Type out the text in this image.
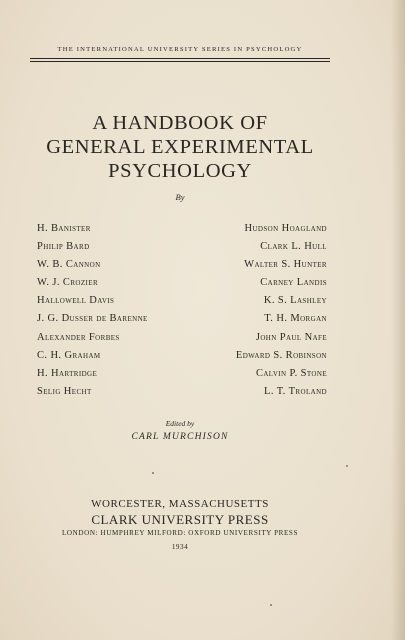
THE INTERNATIONAL UNIVERSITY SERIES IN PSYCHOLOGY
A HANDBOOK OF
GENERAL EXPERIMENTAL
PSYCHOLOGY
By
H. Banister
Philip Bard
W. B. Cannon
W. J. Crozier
Hallowell Davis
J. G. Dusser de Barenne
Alexander Forbes
C. H. Graham
H. Hartridge
Selig Hecht
Hudson Hoagland
Clark L. Hull
Walter S. Hunter
Carney Landis
K. S. Lashley
T. H. Morgan
John Paul Nafe
Edward S. Robinson
Calvin P. Stone
L. T. Troland
Edited by
CARL MURCHISON
WORCESTER, MASSACHUSETTS
CLARK UNIVERSITY PRESS
LONDON: HUMPHREY MILFORD: OXFORD UNIVERSITY PRESS
1934
